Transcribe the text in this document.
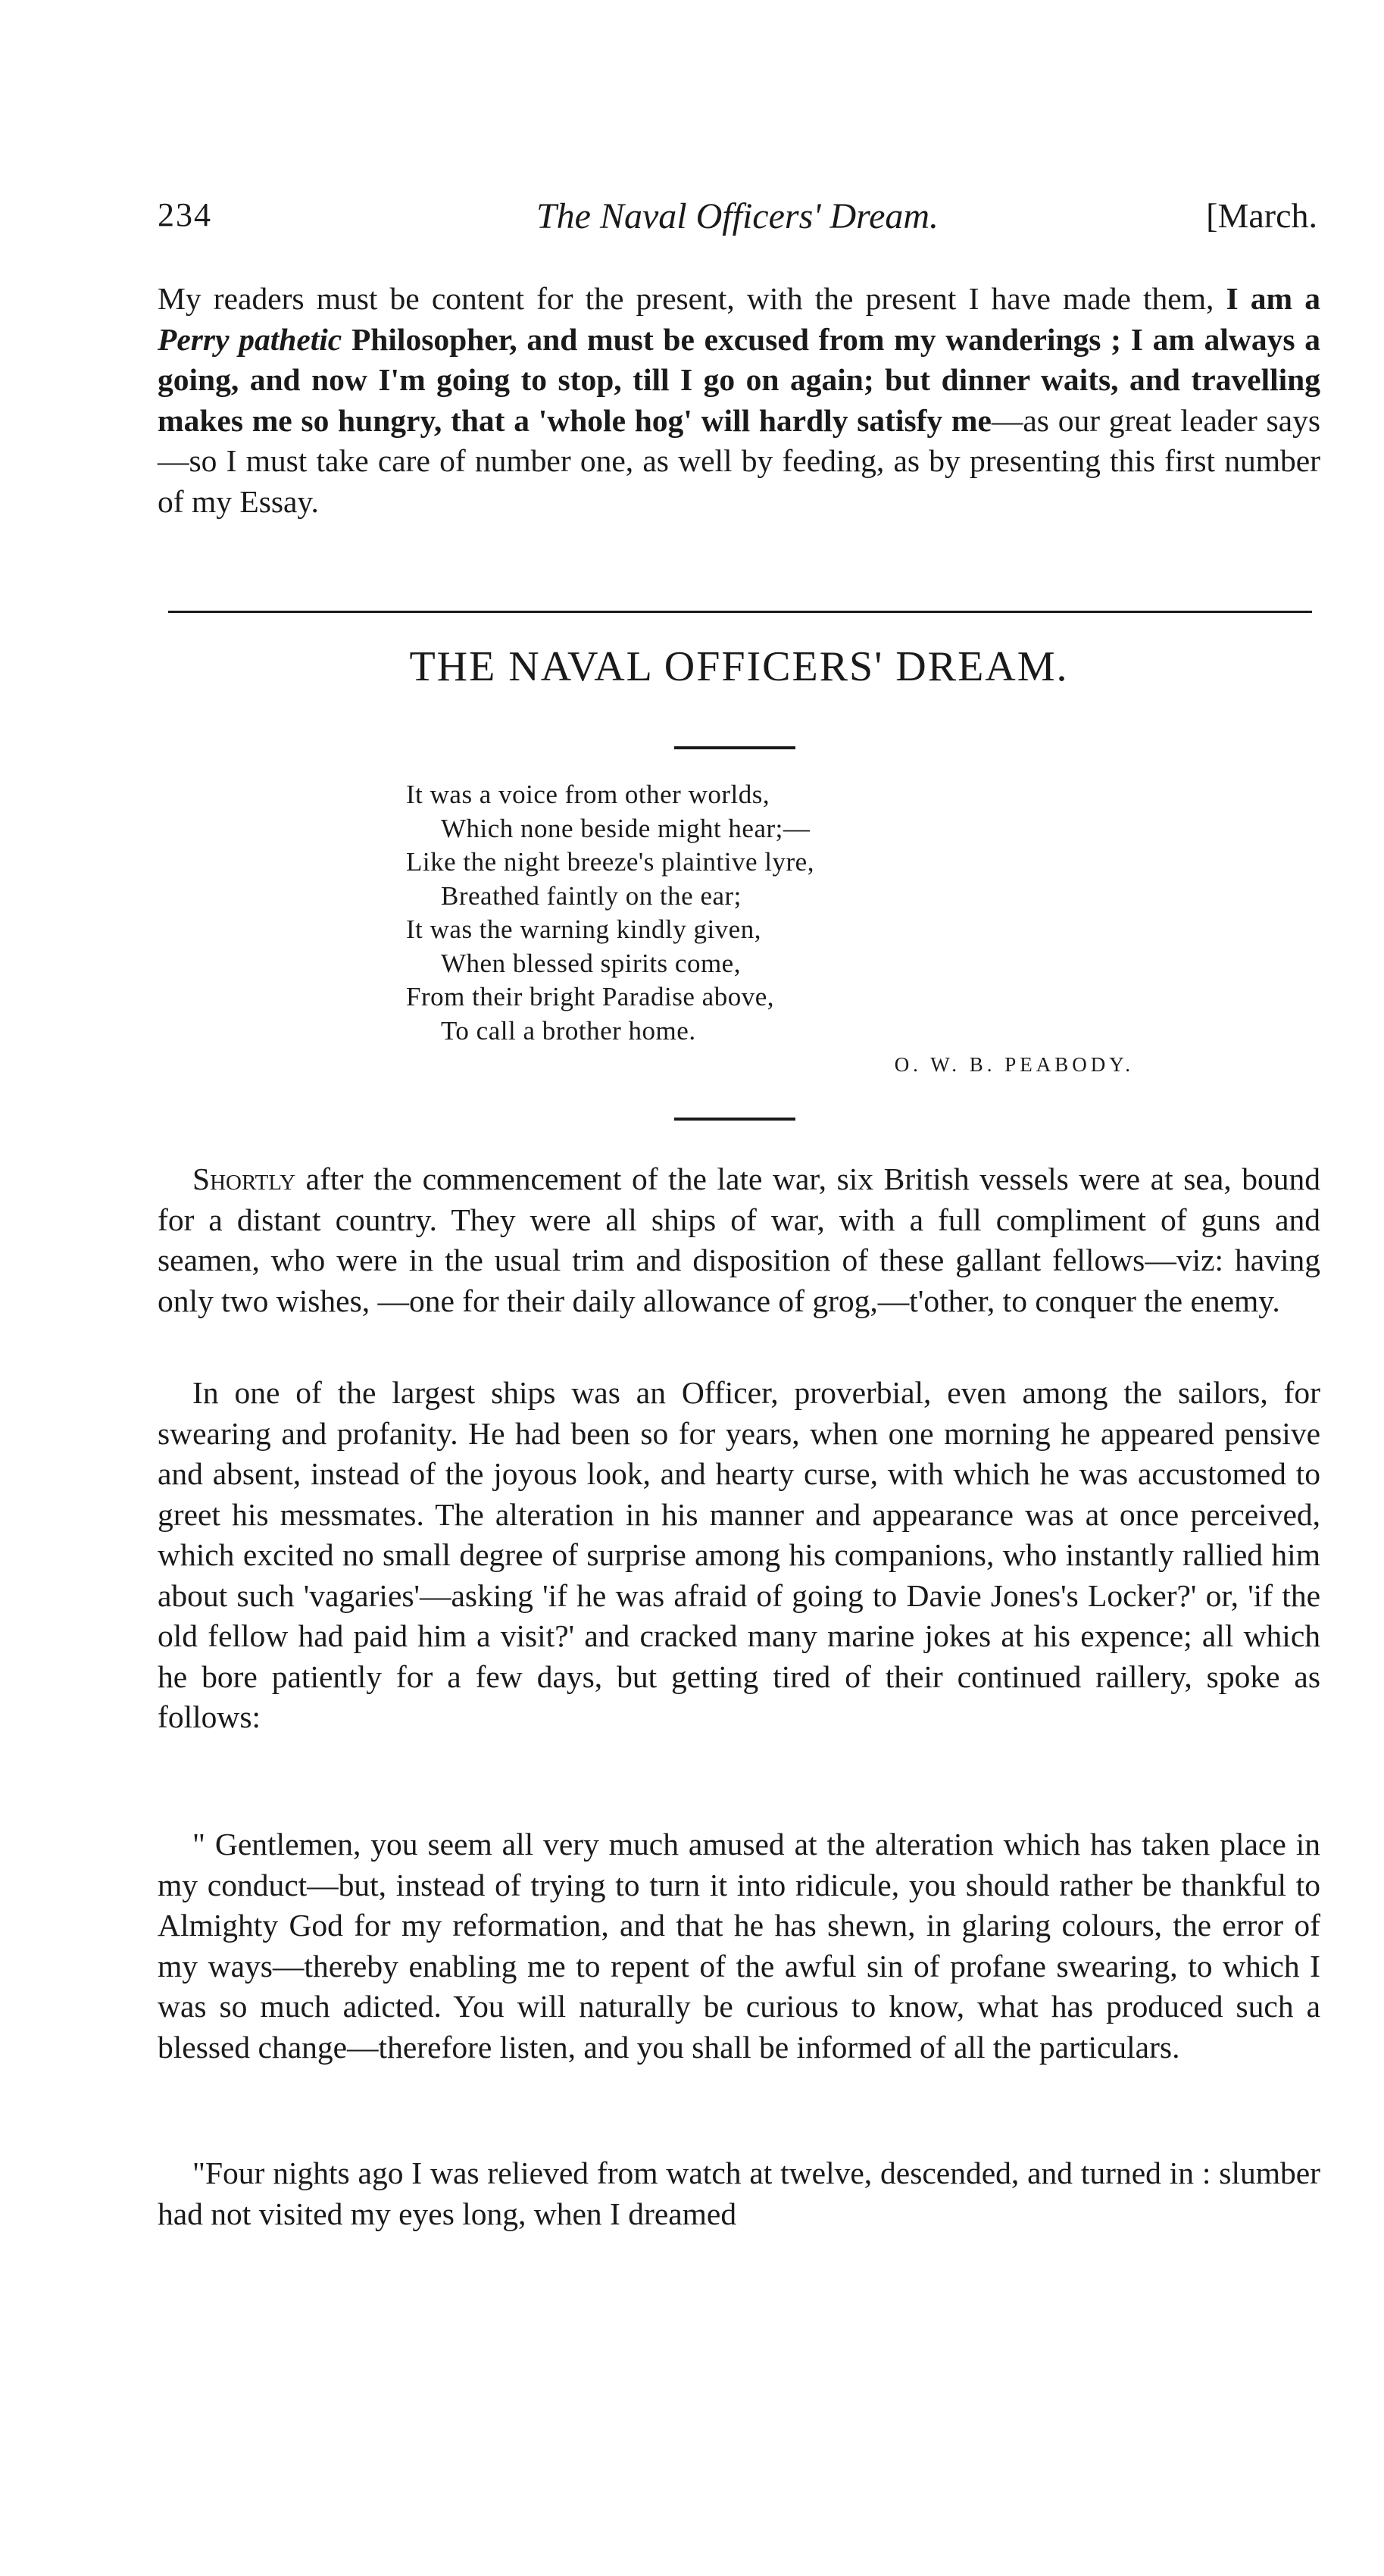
234	The Naval Officers' Dream.	[March.

My readers must be content for the present, with the present I have made them, I am a Perry pathetic Philosopher, and must be excused from my wanderings ; I am always a going, and now I'm going to stop, till I go on again; but dinner waits, and travelling makes me so hungry, that a 'whole hog' will hardly satisfy me—as our great leader says—so I must take care of number one, as well by feeding, as by presenting this first number of my Essay.

THE NAVAL OFFICERS' DREAM.
It was a voice from other worlds,
Which none beside might hear;—
Like the night breeze's plaintive lyre,
Breathed faintly on the ear;
It was the warning kindly given,
When blessed spirits come,
From their bright Paradise above,
To call a brother home.
O. W. B. PEABODY.

Shortly after the commencement of the late war, six British vessels were at sea, bound for a distant country. They were all ships of war, with a full compliment of guns and seamen, who were in the usual trim and disposition of these gallant fellows—viz: having only two wishes, —one for their daily allowance of grog,—t'other, to conquer the enemy.

In one of the largest ships was an Officer, proverbial, even among the sailors, for swearing and profanity. He had been so for years, when one morning he appeared pensive and absent, instead of the joyous look, and hearty curse, with which he was accustomed to greet his messmates. The alteration in his manner and appearance was at once perceived, which excited no small degree of surprise among his companions, who instantly rallied him about such 'vagaries'—asking 'if he was afraid of going to Davie Jones's Locker?' or, 'if the old fellow had paid him a visit?' and cracked many marine jokes at his expence; all which he bore patiently for a few days, but getting tired of their continued raillery, spoke as follows:

" Gentlemen, you seem all very much amused at the alteration which has taken place in my conduct—but, instead of trying to turn it into ridicule, you should rather be thankful to Almighty God for my reformation, and that he has shewn, in glaring colours, the error of my ways—thereby enabling me to repent of the awful sin of profane swearing, to which I was so much adicted. You will naturally be curious to know, what has produced such a blessed change—therefore listen, and you shall be informed of all the particulars.

"Four nights ago I was relieved from watch at twelve, descended, and turned in : slumber had not visited my eyes long, when I dreamed
